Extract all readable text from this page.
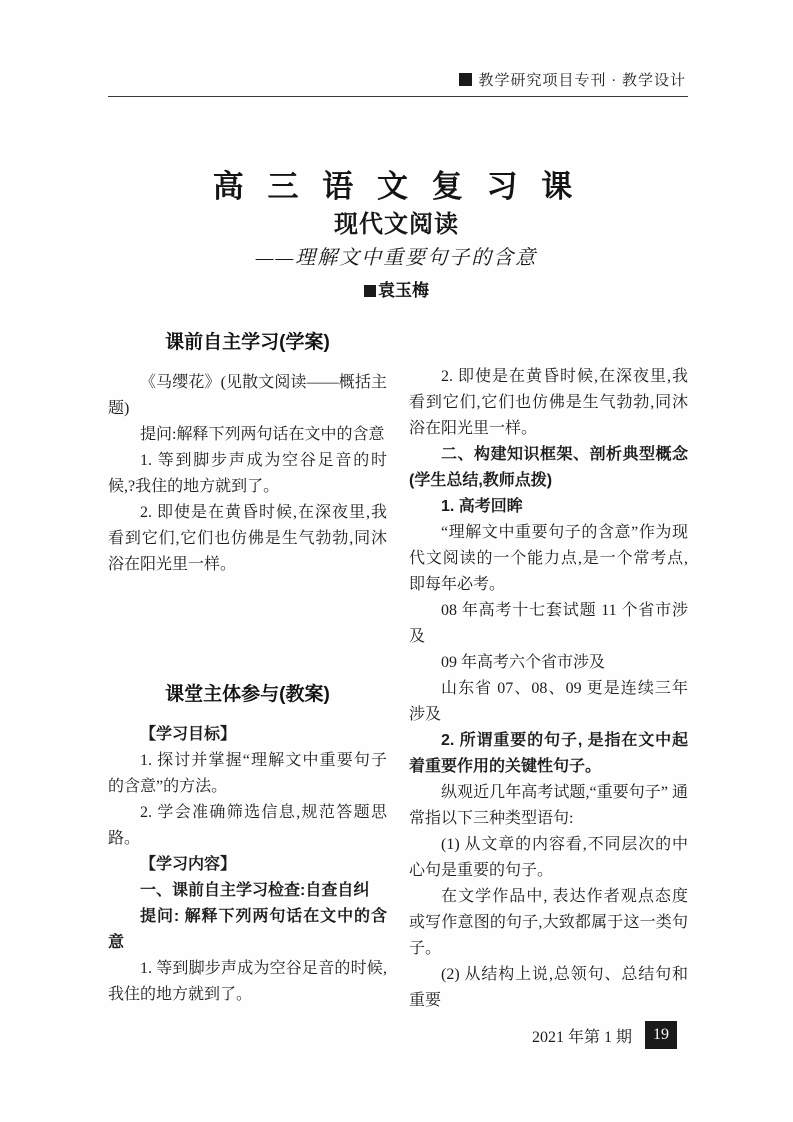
教学研究项目专刊 · 教学设计
高 三 语 文 复 习 课
现代文阅读
——理解文中重要句子的含意
袁玉梅
课前自主学习(学案)

《马缨花》(见散文阅读——概括主题)

提问:解释下列两句话在文中的含意

1. 等到脚步声成为空谷足音的时候,?我住的地方就到了。

2. 即使是在黄昏时候,在深夜里,我看到它们,它们也仿佛是生气勃勃,同沐浴在阳光里一样。

课堂主体参与(教案)

【学习目标】

1. 探讨并掌握“理解文中重要句子的含意”的方法。

2. 学会准确筛选信息,规范答题思路。

【学习内容】

一、课前自主学习检查:自查自纠

提问: 解释下列两句话在文中的含意

1. 等到脚步声成为空谷足音的时候,我住的地方就到了。

2. 即使是在黄昏时候,在深夜里,我看到它们,它们也仿佛是生气勃勃,同沐浴在阳光里一样。

二、构建知识框架、剖析典型概念(学生总结,教师点拨)

1. 高考回眸

“理解文中重要句子的含意”作为现代文阅读的一个能力点,是一个常考点,即每年必考。

08 年高考十七套试题 11 个省市涉及

09 年高考六个省市涉及

山东省 07、08、09 更是连续三年涉及

2. 所谓重要的句子, 是指在文中起着重要作用的关键性句子。

纵观近几年高考试题,“重要句子” 通常指以下三种类型语句:

(1) 从文章的内容看,不同层次的中心句是重要的句子。

在文学作品中, 表达作者观点态度或写作意图的句子,大致都属于这一类句子。

(2) 从结构上说,总领句、总结句和重要

2021 年第 1 期	19
